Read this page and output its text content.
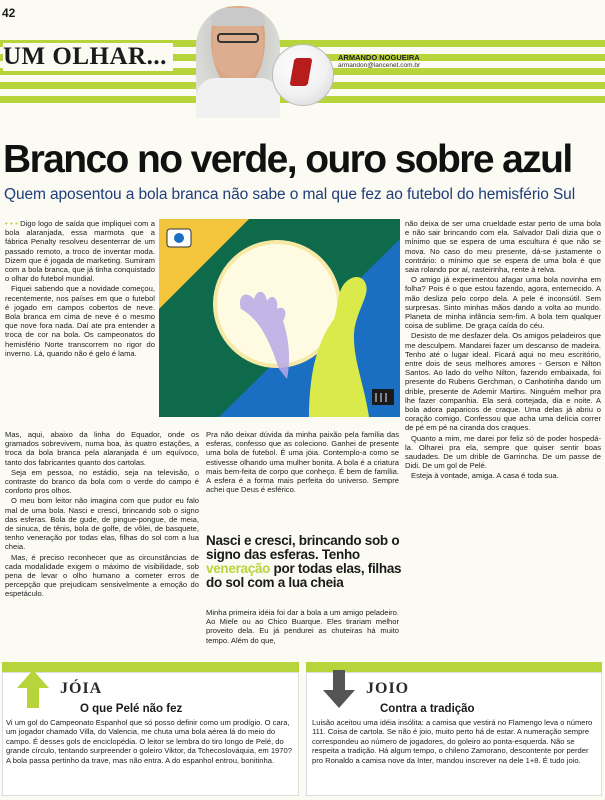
42
UM OLHAR...	ARMANDO NOGUEIRA
armandon@lancenet.com.br
Branco no verde, ouro sobre azul
Quem aposentou a bola branca não sabe o mal que fez ao futebol do hemisfério Sul

• • • Digo logo de saída que impliquei com a bola alaranjada, essa marmota que a fábrica Penalty resolveu desenterrar de um passado remoto, a troco de inventar moda. Dizem que é jogada de marketing. Sumiram com a bola branca, que já tinha conquistado o olhar do futebol mundial.

Fiquei sabendo que a novidade começou, recentemente, nos países em que o futebol é jogado em campos cobertos de neve. Bola branca em cima de neve é o mesmo que nove fora nada. Daí ate pra entender a troca de cor na bola. Os campeonatos do hemisfério Norte transcorrem no rigor do inverno. Lá, quando não é gelo é lama.

Mas, aqui, abaixo da linha do Equador, onde os gramados sobrevivem, numa boa, às quatro estações, a troca da bola branca pela alaranjada é um equívoco, tanto dos fabricantes quanto dos cartolas.

Seja em pessoa, no estádio, seja na televisão, o contraste do branco da bola com o verde do campo é conforto pros olhos.

O meu bom leitor não imagina com que pudor eu falo mal de uma bola. Nasci e cresci, brincando sob o signo das esferas. Bola de gude, de pingue-pongue, de meia, de sinuca, de tênis, bola de golfe, de vôlei, de basquete, tenho veneração por todas elas, filhas do sol com a lua cheia.

Mas, é preciso reconhecer que as circunstâncias de cada modalidade exigem o máximo de visibilidade, sob pena de levar o olho humano a cometer erros de percepção que prejudicam sensivelmente a emoção do espetáculo.

Pra não deixar dúvida da minha paixão pela família das esferas, confesso que as coleciono. Ganhei de presente uma bola de futebol. É uma jóia. Contemplo-a como se estivesse olhando uma mulher bonita. A bola é a criatura mais bem-feita de corpo que conheço. É bem de família. A esfera é a forma mais perfeita do universo. Sempre achei que Deus é esférico.

Nasci e cresci, brincando sob o signo das esferas. Tenho veneração por todas elas, filhas do sol com a lua cheia

Minha primeira idéia foi dar a bola a um amigo peladeiro. Ao Miele ou ao Chico Buarque. Eles tirariam melhor proveito dela. Eu já pendurei as chuteiras há muito tempo. Além do que,

não deixa de ser uma crueldade estar perto de uma bola e não sair brincando com ela. Salvador Dali dizia que o mínimo que se espera de uma escultura é que não se mova. No caso do meu presente, dá-se justamente o contrário: o mínimo que se espera de uma bola é que saia rolando por aí, rasteirinha, rente à relva.

O amigo já experimentou afagar uma bola novinha em folha? Pois é o que estou fazendo, agora, enternecido. A mão desliza pelo corpo dela. A pele é inconsútil. Sem surpresas. Sinto minhas mãos dando a volta ao mundo. Planeta de minha infância sem-fim. A bola tem qualquer coisa de sublime. De graça caída do céu.

Desisto de me desfazer dela. Os amigos peladeiros que me desculpem. Mandarei fazer um descanso de madeira. Tenho até o lugar ideal. Ficará aqui no meu escritório, entre dois de seus melhores amores - Gerson e Nilton Santos. Ao lado do velho Nilton, fazendo embaixada, foi presente do Rubens Gerchman, o Canhotinha dando um drible, presente de Ademir Martins. Ninguém melhor pra lhe fazer companhia. Ela será cortejada, dia e noite. A bola adora paparicos de craque. Uma delas já abriu o coração comigo. Confessou que acha uma delícia correr de pé em pé na ciranda dos craques.

Quanto a mim, me darei por feliz só de poder hospedá-la. Olharei pra ela, sempre que quiser sentir boas saudades. De um drible de Garrincha. De um passe de Didi. De um gol de Pelé.

Esteja à vontade, amiga. A casa é toda sua.

JÓIA
O que Pelé não fez
Vi um gol do Campeonato Espanhol que só posso definir como um prodígio. O cara, um jogador chamado Villa, do Valencia, me chuta uma bola aérea lá do meio do campo. É desses gols de enciclopédia. O leitor se lembra do tiro longo de Pelé, do grande círculo, tentando surpreender o goleiro Viktor, da Tchecoslováquia, em 1970? A bola passa pertinho da trave, mas não entra. A do espanhol entrou, bonitinha.
JOIO
Contra a tradição
Luisão aceitou uma idéia insólita: a camisa que vestirá no Flamengo leva o número 111. Coisa de cartola. Se não é joio, muito perto há de estar. A numeração sempre correspondeu ao número de jogadores, do goleiro ao ponta-esquerda. Não se respeita a tradição. Há algum tempo, o chileno Zamorano, descontente por perder pro Ronaldo a camisa nove da Inter, mandou inscrever na dele 1+8. É tudo joio.
